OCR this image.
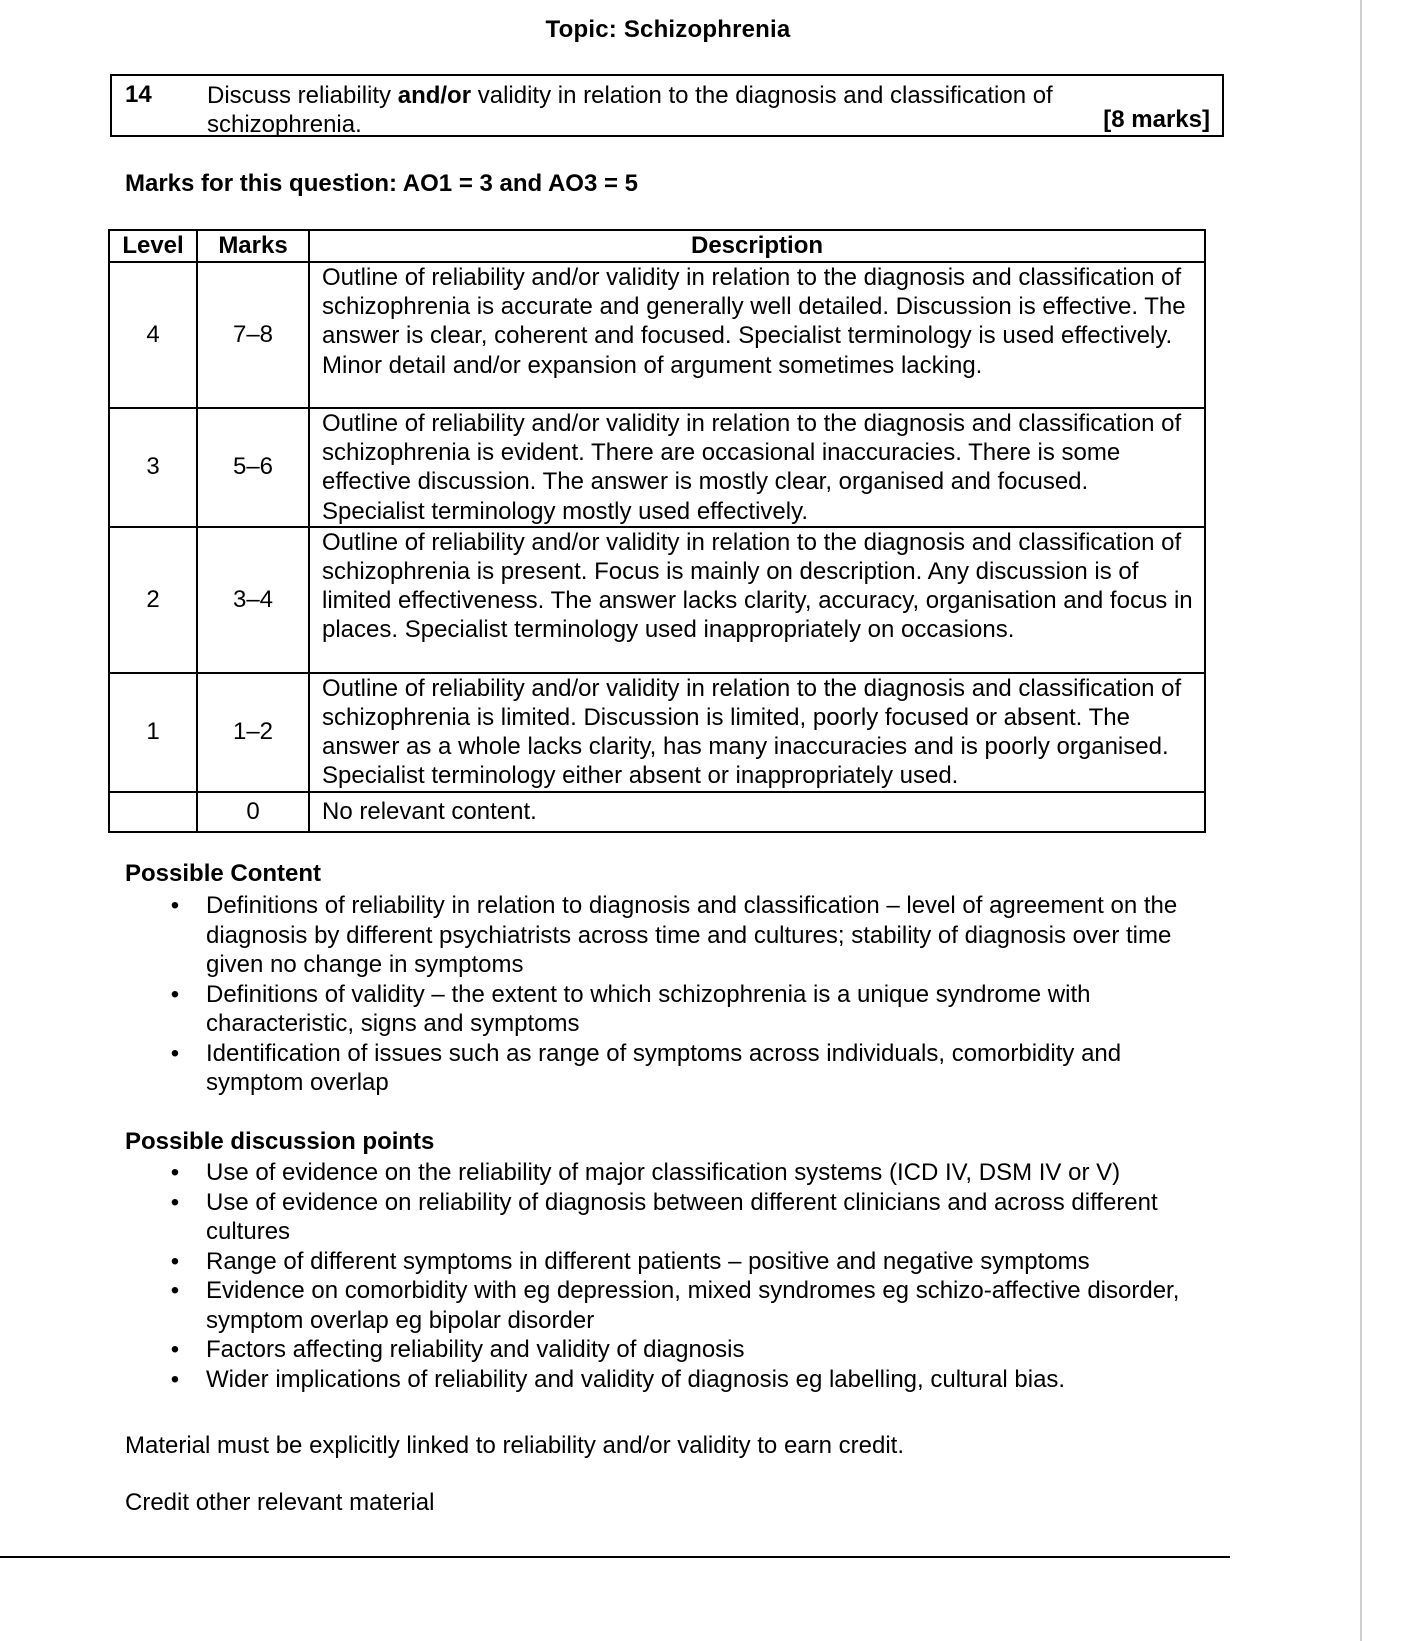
Topic: Schizophrenia
14 Discuss reliability and/or validity in relation to the diagnosis and classification of schizophrenia.	[8 marks]
Marks for this question: AO1 = 3 and AO3 = 5
Level	Marks	Description
4	7–8	Outline of reliability and/or validity in relation to the diagnosis and classification of schizophrenia is accurate and generally well detailed. Discussion is effective. The answer is clear, coherent and focused. Specialist terminology is used effectively. Minor detail and/or expansion of argument sometimes lacking.
3	5–6	Outline of reliability and/or validity in relation to the diagnosis and classification of schizophrenia is evident. There are occasional inaccuracies. There is some effective discussion. The answer is mostly clear, organised and focused. Specialist terminology mostly used effectively.
2	3–4	Outline of reliability and/or validity in relation to the diagnosis and classification of schizophrenia is present. Focus is mainly on description. Any discussion is of limited effectiveness. The answer lacks clarity, accuracy, organisation and focus in places. Specialist terminology used inappropriately on occasions.
1	1–2	Outline of reliability and/or validity in relation to the diagnosis and classification of schizophrenia is limited. Discussion is limited, poorly focused or absent. The answer as a whole lacks clarity, has many inaccuracies and is poorly organised. Specialist terminology either absent or inappropriately used.
	0	No relevant content.
Possible Content
• Definitions of reliability in relation to diagnosis and classification – level of agreement on the diagnosis by different psychiatrists across time and cultures; stability of diagnosis over time given no change in symptoms
• Definitions of validity – the extent to which schizophrenia is a unique syndrome with characteristic, signs and symptoms
• Identification of issues such as range of symptoms across individuals, comorbidity and symptom overlap
Possible discussion points
• Use of evidence on the reliability of major classification systems (ICD IV, DSM IV or V)
• Use of evidence on reliability of diagnosis between different clinicians and across different cultures
• Range of different symptoms in different patients – positive and negative symptoms
• Evidence on comorbidity with eg depression, mixed syndromes eg schizo-affective disorder, symptom overlap eg bipolar disorder
• Factors affecting reliability and validity of diagnosis
• Wider implications of reliability and validity of diagnosis eg labelling, cultural bias.
Material must be explicitly linked to reliability and/or validity to earn credit.
Credit other relevant material
